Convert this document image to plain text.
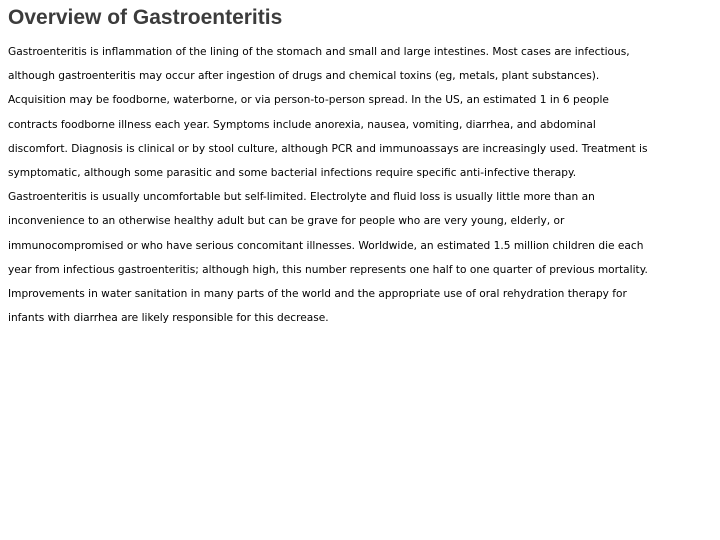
Overview of Gastroenteritis
Gastroenteritis is inflammation of the lining of the stomach and small and large intestines. Most cases are infectious,
although gastroenteritis may occur after ingestion of drugs and chemical toxins (eg, metals, plant substances).
Acquisition may be foodborne, waterborne, or via person-to-person spread. In the US, an estimated 1 in 6 people
contracts foodborne illness each year. Symptoms include anorexia, nausea, vomiting, diarrhea, and abdominal
discomfort. Diagnosis is clinical or by stool culture, although PCR and immunoassays are increasingly used. Treatment is
symptomatic, although some parasitic and some bacterial infections require specific anti-infective therapy.
Gastroenteritis is usually uncomfortable but self-limited. Electrolyte and fluid loss is usually little more than an
inconvenience to an otherwise healthy adult but can be grave for people who are very young, elderly, or
immunocompromised or who have serious concomitant illnesses. Worldwide, an estimated 1.5 million children die each
year from infectious gastroenteritis; although high, this number represents one half to one quarter of previous mortality.
Improvements in water sanitation in many parts of the world and the appropriate use of oral rehydration therapy for
infants with diarrhea are likely responsible for this decrease.
